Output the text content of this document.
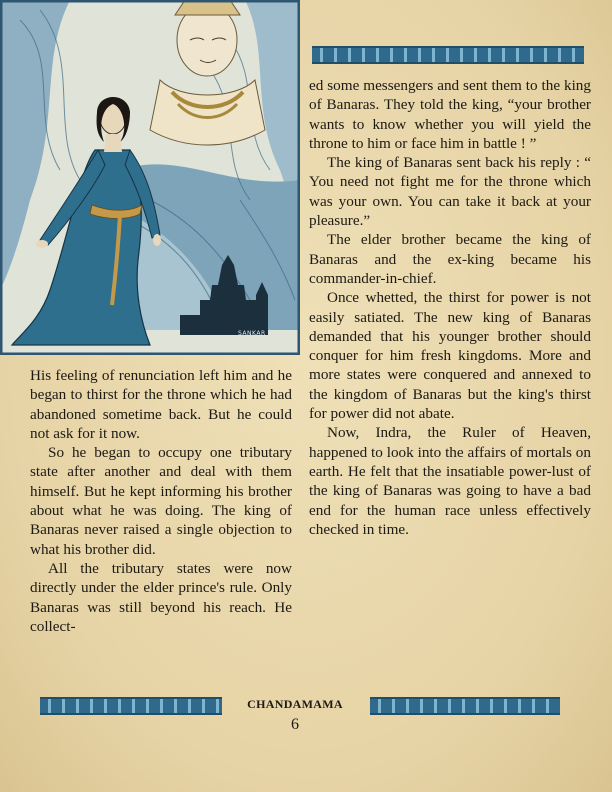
SANKAR

ed some messengers and sent them to the king of Banaras. They told the king, “your brother wants to know whether you will yield the throne to him or face him in battle ! ”

The king of Banaras sent back his reply : “ You need not fight me for the throne which was your own. You can take it back at your pleasure.”

The elder brother became the king of Banaras and the ex-king became his commander-in-chief.

Once whetted, the thirst for power is not easily satiated. The new king of Banaras demanded that his younger brother should conquer for him fresh kingdoms. More and more states were conquered and annexed to the kingdom of Banaras but the king's thirst for power did not abate.

Now, Indra, the Ruler of Heaven, happened to look into the affairs of mortals on earth. He felt that the insatiable power-lust of the king of Banaras was going to have a bad end for the human race unless effectively checked in time.

His feeling of renunciation left him and he began to thirst for the throne which he had abandoned sometime back. But he could not ask for it now.

So he began to occupy one tributary state after another and deal with them himself. But he kept informing his brother about what he was doing. The king of Banaras never raised a single objection to what his brother did.

All the tributary states were now directly under the elder prince's rule. Only Banaras was still beyond his reach. He collect-

CHANDAMAMA
6
